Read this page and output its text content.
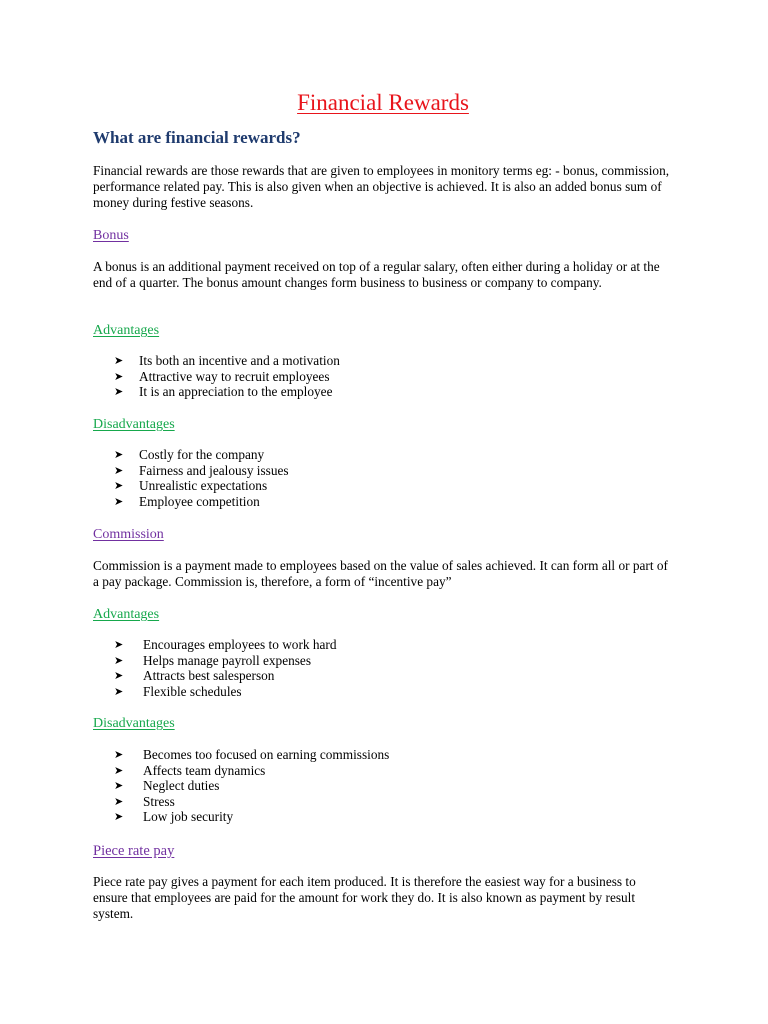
Financial Rewards
What are financial rewards?

Financial rewards are those rewards that are given to employees in monitory terms eg: - bonus, commission, performance related pay. This is also given when an objective is achieved. It is also an added bonus sum of money during festive seasons.

Bonus

A bonus is an additional payment received on top of a regular salary, often either during a holiday or at the end of a quarter. The bonus amount changes form business to business or company to company.

Advantages
➤ Its both an incentive and a motivation
➤ Attractive way to recruit employees
➤ It is an appreciation to the employee
Disadvantages
➤ Costly for the company
➤ Fairness and jealousy issues
➤ Unrealistic expectations
➤ Employee competition
Commission

Commission is a payment made to employees based on the value of sales achieved. It can form all or part of a pay package. Commission is, therefore, a form of “incentive pay”

Advantages
➤ Encourages employees to work hard
➤ Helps manage payroll expenses
➤ Attracts best salesperson
➤ Flexible schedules
Disadvantages
➤ Becomes too focused on earning commissions
➤ Affects team dynamics
➤ Neglect duties
➤ Stress
➤ Low job security
Piece rate pay

Piece rate pay gives a payment for each item produced. It is therefore the easiest way for a business to ensure that employees are paid for the amount for work they do. It is also known as payment by result system.
